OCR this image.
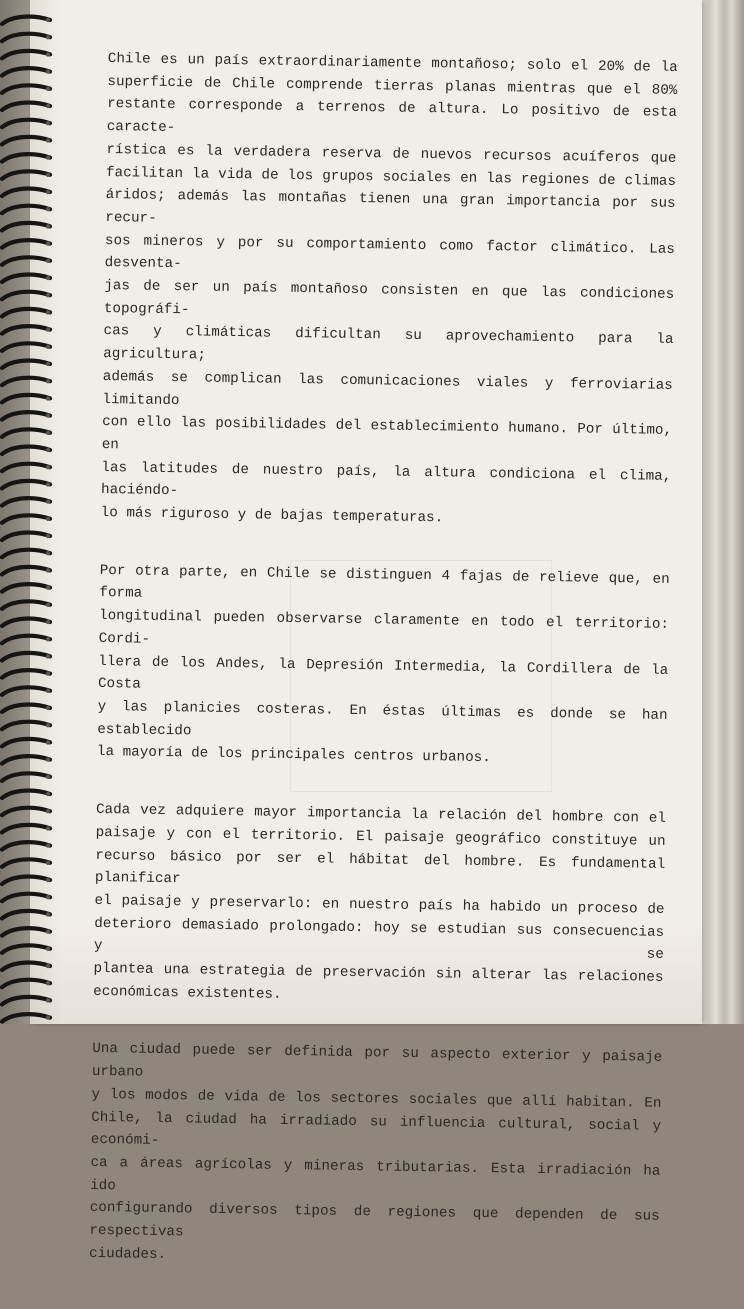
Chile es un país extraordinariamente montañoso; solo el 20% de la
superficie de Chile comprende tierras planas mientras que el 80%
restante corresponde a terrenos de altura. Lo positivo de esta caracte-
rística es la verdadera reserva de nuevos recursos acuíferos que
facilitan la vida de los grupos sociales en las regiones de climas
áridos; además las montañas tienen una gran importancia por sus recur-
sos mineros y por su comportamiento como factor climático. Las desventa-
jas de ser un país montañoso consisten en que las condiciones topográfi-
cas y climáticas dificultan su aprovechamiento para la agricultura;
además se complican las comunicaciones viales y ferroviarias limitando
con ello las posibilidades del establecimiento humano. Por último, en
las latitudes de nuestro país, la altura condiciona el clima, haciéndo-
lo más riguroso y de bajas temperaturas.

Por otra parte, en Chile se distinguen 4 fajas de relieve que, en forma
longitudinal pueden observarse claramente en todo el territorio: Cordi-
llera de los Andes, la Depresión Intermedia, la Cordillera de la Costa
y las planicies costeras. En éstas últimas es donde se han establecido
la mayoría de los principales centros urbanos.

Cada vez adquiere mayor importancia la relación del hombre con el
paisaje y con el territorio. El paisaje geográfico constituye un
recurso básico por ser el hábitat del hombre. Es fundamental planificar
el paisaje y preservarlo: en nuestro país ha habido un proceso de
deterioro demasiado prolongado: hoy se estudian sus consecuencias y se
plantea una estrategia de preservación sin alterar las relaciones
económicas existentes.

Una ciudad puede ser definida por su aspecto exterior y paisaje urbano
y los modos de vida de los sectores sociales que allí habitan. En
Chile, la ciudad ha irradiado su influencia cultural, social y económi-
ca a áreas agrícolas y mineras tributarias. Esta irradiación ha ido
configurando diversos tipos de regiones que dependen de sus respectivas
ciudades.
